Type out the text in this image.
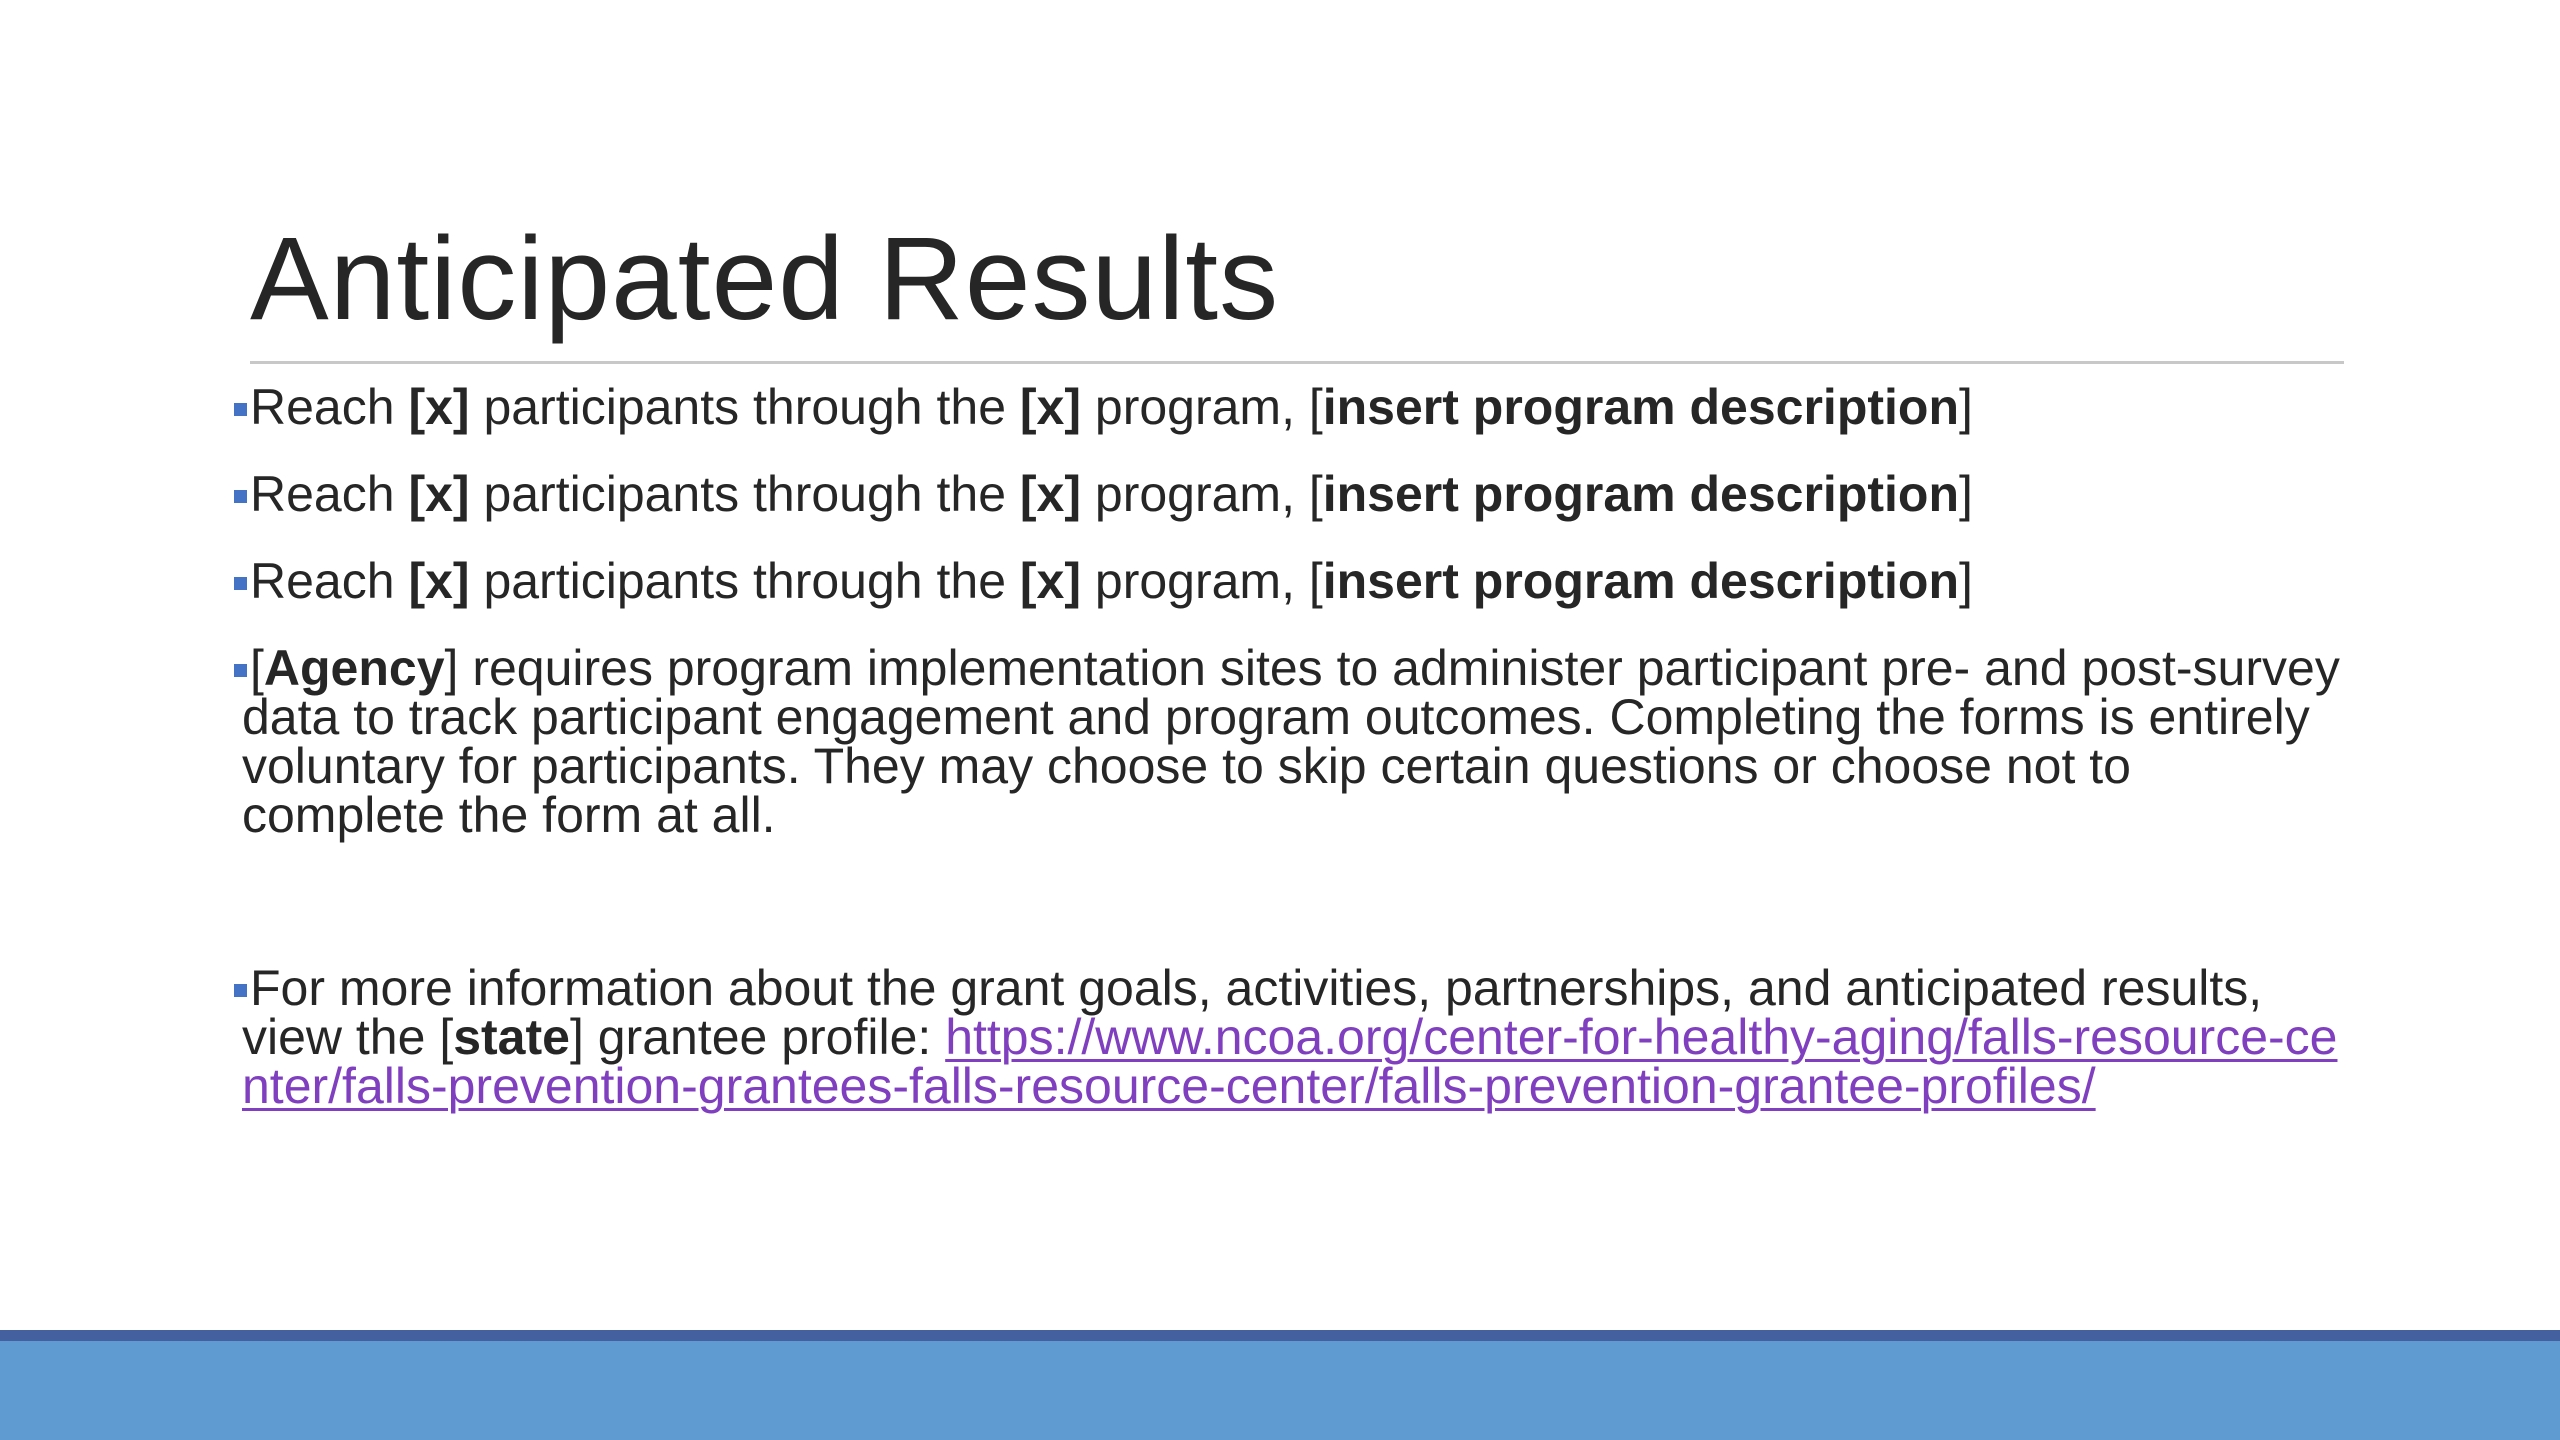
Anticipated Results
Reach [x] participants through the [x] program, [insert program description]
Reach [x] participants through the [x] program, [insert program description]
Reach [x] participants through the [x] program, [insert program description]
[Agency] requires program implementation sites to administer participant pre- and post-survey data to track participant engagement and program outcomes. Completing the forms is entirely voluntary for participants. They may choose to skip certain questions or choose not to complete the form at all.
For more information about the grant goals, activities, partnerships, and anticipated results, view the [state] grantee profile: https://www.ncoa.org/center-for-healthy-aging/falls-resource-center/falls-prevention-grantees-falls-resource-center/falls-prevention-grantee-profiles/
